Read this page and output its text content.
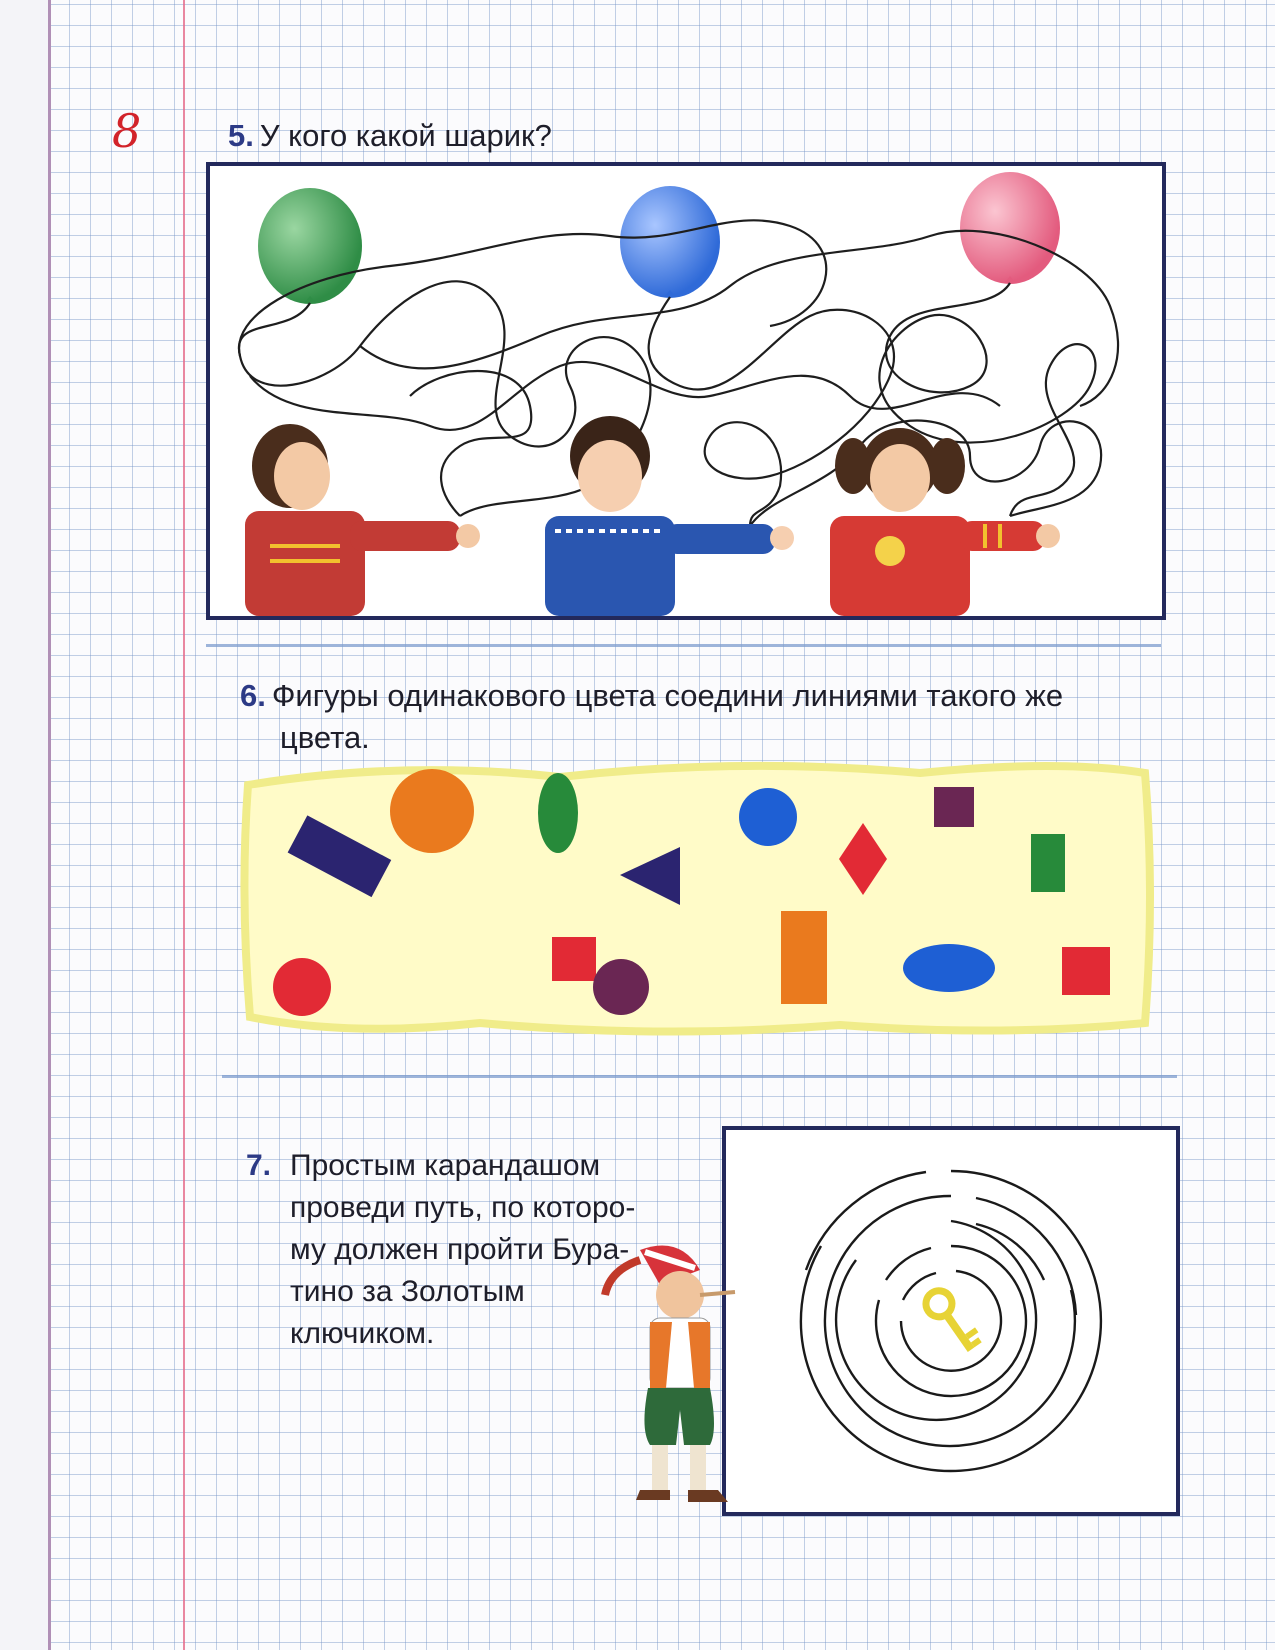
8	5. У кого какой шарик?
6. Фигуры одинакового цвета соедини линиями такого же
цвета.
7. Простым карандашом
проведи путь, по которо-
му должен пройти Бура-
тино за Золотым
ключиком.
